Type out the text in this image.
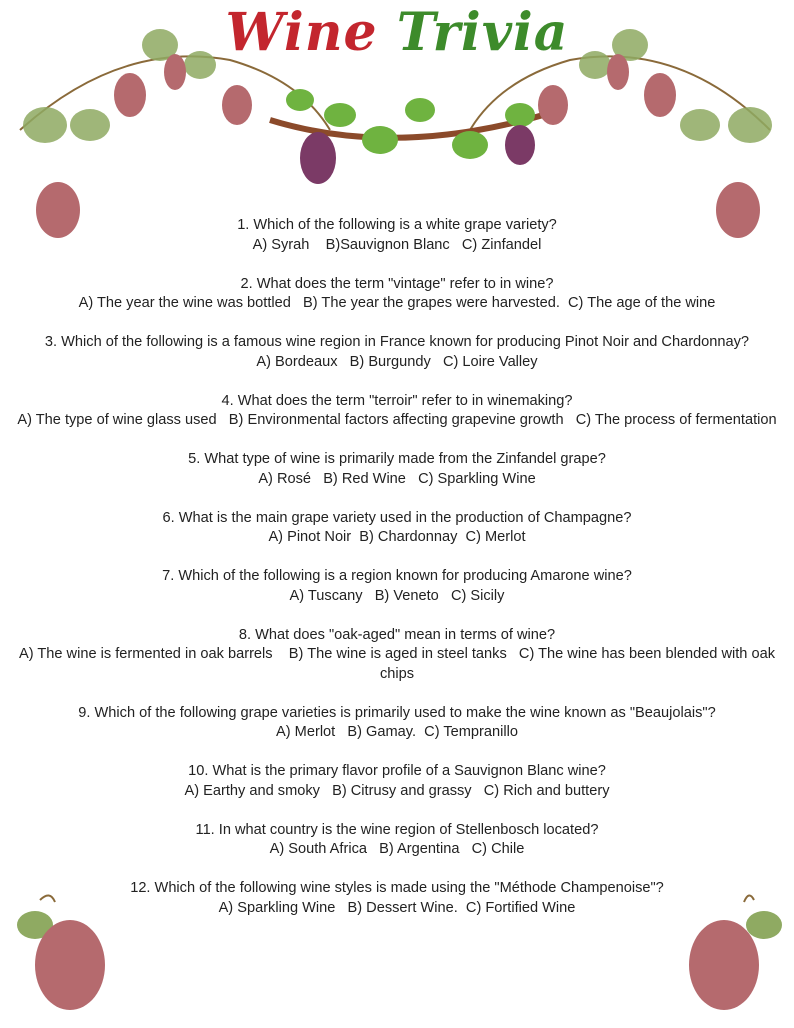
Wine Trivia
1. Which of the following is a white grape variety?
A) Syrah    B)Sauvignon Blanc   C) Zinfandel
2. What does the term "vintage" refer to in wine?
A) The year the wine was bottled   B) The year the grapes were harvested.  C) The age of the wine
3. Which of the following is a famous wine region in France known for producing Pinot Noir and Chardonnay?
A) Bordeaux   B) Burgundy   C) Loire Valley
4. What does the term "terroir" refer to in winemaking?
A) The type of wine glass used   B) Environmental factors affecting grapevine growth   C) The process of fermentation
5. What type of wine is primarily made from the Zinfandel grape?
A) Rosé   B) Red Wine   C) Sparkling Wine
6. What is the main grape variety used in the production of Champagne?
A) Pinot Noir  B) Chardonnay  C) Merlot
7. Which of the following is a region known for producing Amarone wine?
A) Tuscany   B) Veneto   C) Sicily
8. What does "oak-aged" mean in terms of wine?
A) The wine is fermented in oak barrels    B) The wine is aged in steel tanks   C) The wine has been blended with oak chips
9. Which of the following grape varieties is primarily used to make the wine known as "Beaujolais"?
A) Merlot   B) Gamay.  C) Tempranillo
10. What is the primary flavor profile of a Sauvignon Blanc wine?
A) Earthy and smoky   B) Citrusy and grassy   C) Rich and buttery
11. In what country is the wine region of Stellenbosch located?
A) South Africa   B) Argentina   C) Chile
12. Which of the following wine styles is made using the "Méthode Champenoise"?
A) Sparkling Wine   B) Dessert Wine.  C) Fortified Wine
